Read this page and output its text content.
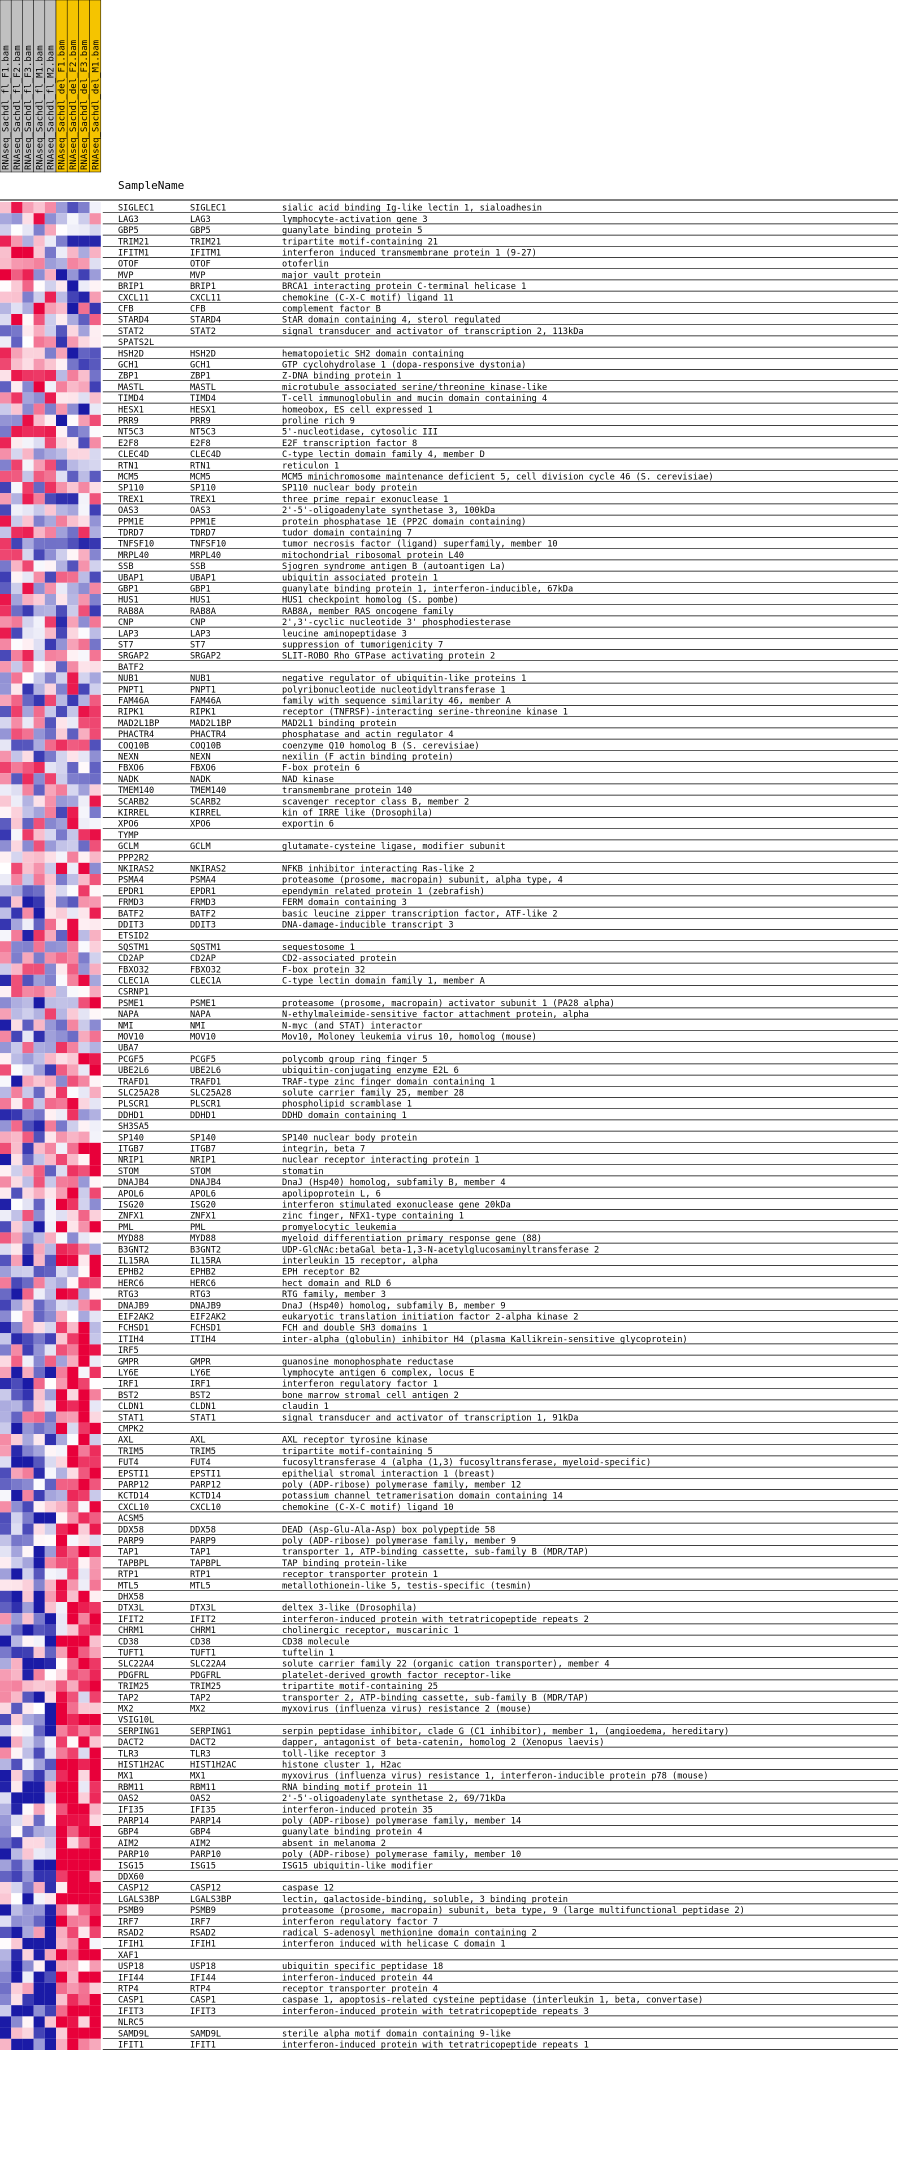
RNAseq_Sachdl_fl_F1.bam RNAseq_Sachdl_fl_F2.bam RNAseq_Sachdl_fl_F3.bam RNAseq_Sachdl_fl_M1.bam RNAseq_Sachdl_fl_M2.bam RNAseq_Sachdl_del_F1.bam RNAseq_Sachdl_del_F2.bam RNAseq_Sachdl_del_F3.bam RNAseq_Sachdl_del_M1.bam
SampleName
SIGLEC1	SIGLEC1	sialic acid binding Ig-like lectin 1, sialoadhesin
LAG3	LAG3	lymphocyte-activation gene 3
GBP5	GBP5	guanylate binding protein 5
TRIM21	TRIM21	tripartite motif-containing 21
IFITM1	IFITM1	interferon induced transmembrane protein 1 (9-27)
OTOF	OTOF	otoferlin
MVP	MVP	major vault protein
BRIP1	BRIP1	BRCA1 interacting protein C-terminal helicase 1
CXCL11	CXCL11	chemokine (C-X-C motif) ligand 11
CFB	CFB	complement factor B
STARD4	STARD4	StAR domain containing 4, sterol regulated
STAT2	STAT2	signal transducer and activator of transcription 2, 113kDa
SPATS2L
HSH2D	HSH2D	hematopoietic SH2 domain containing
GCH1	GCH1	GTP cyclohydrolase 1 (dopa-responsive dystonia)
ZBP1	ZBP1	Z-DNA binding protein 1
MASTL	MASTL	microtubule associated serine/threonine kinase-like
TIMD4	TIMD4	T-cell immunoglobulin and mucin domain containing 4
HESX1	HESX1	homeobox, ES cell expressed 1
PRR9	PRR9	proline rich 9
NT5C3	NT5C3	5'-nucleotidase, cytosolic III
E2F8	E2F8	E2F transcription factor 8
CLEC4D	CLEC4D	C-type lectin domain family 4, member D
RTN1	RTN1	reticulon 1
MCM5	MCM5	MCM5 minichromosome maintenance deficient 5, cell division cycle 46 (S. cerevisiae)
SP110	SP110	SP110 nuclear body protein
TREX1	TREX1	three prime repair exonuclease 1
OAS3	OAS3	2'-5'-oligoadenylate synthetase 3, 100kDa
PPM1E	PPM1E	protein phosphatase 1E (PP2C domain containing)
TDRD7	TDRD7	tudor domain containing 7
TNFSF10	TNFSF10	tumor necrosis factor (ligand) superfamily, member 10
MRPL40	MRPL40	mitochondrial ribosomal protein L40
SSB	SSB	Sjogren syndrome antigen B (autoantigen La)
UBAP1	UBAP1	ubiquitin associated protein 1
GBP1	GBP1	guanylate binding protein 1, interferon-inducible, 67kDa
HUS1	HUS1	HUS1 checkpoint homolog (S. pombe)
RAB8A	RAB8A	RAB8A, member RAS oncogene family
CNP	CNP	2',3'-cyclic nucleotide 3' phosphodiesterase
LAP3	LAP3	leucine aminopeptidase 3
ST7	ST7	suppression of tumorigenicity 7
SRGAP2	SRGAP2	SLIT-ROBO Rho GTPase activating protein 2
BATF2
NUB1	NUB1	negative regulator of ubiquitin-like proteins 1
PNPT1	PNPT1	polyribonucleotide nucleotidyltransferase 1
FAM46A	FAM46A	family with sequence similarity 46, member A
RIPK1	RIPK1	receptor (TNFRSF)-interacting serine-threonine kinase 1
MAD2L1BP	MAD2L1BP	MAD2L1 binding protein
PHACTR4	PHACTR4	phosphatase and actin regulator 4
COQ10B	COQ10B	coenzyme Q10 homolog B (S. cerevisiae)
NEXN	NEXN	nexilin (F actin binding protein)
FBXO6	FBXO6	F-box protein 6
NADK	NADK	NAD kinase
TMEM140	TMEM140	transmembrane protein 140
SCARB2	SCARB2	scavenger receptor class B, member 2
KIRREL	KIRREL	kin of IRRE like (Drosophila)
XPO6	XPO6	exportin 6
TYMP
GCLM	GCLM	glutamate-cysteine ligase, modifier subunit
PPP2R2
NKIRAS2	NKIRAS2	NFKB inhibitor interacting Ras-like 2
PSMA4	PSMA4	proteasome (prosome, macropain) subunit, alpha type, 4
EPDR1	EPDR1	ependymin related protein 1 (zebrafish)
FRMD3	FRMD3	FERM domain containing 3
BATF2	BATF2	basic leucine zipper transcription factor, ATF-like 2
DDIT3	DDIT3	DNA-damage-inducible transcript 3
ETSID2
SQSTM1	SQSTM1	sequestosome 1
CD2AP	CD2AP	CD2-associated protein
FBXO32	FBXO32	F-box protein 32
CLEC1A	CLEC1A	C-type lectin domain family 1, member A
CSRNP1
PSME1	PSME1	proteasome (prosome, macropain) activator subunit 1 (PA28 alpha)
NAPA	NAPA	N-ethylmaleimide-sensitive factor attachment protein, alpha
NMI	NMI	N-myc (and STAT) interactor
MOV10	MOV10	Mov10, Moloney leukemia virus 10, homolog (mouse)
UBA7
PCGF5	PCGF5	polycomb group ring finger 5
UBE2L6	UBE2L6	ubiquitin-conjugating enzyme E2L 6
TRAFD1	TRAFD1	TRAF-type zinc finger domain containing 1
SLC25A28	SLC25A28	solute carrier family 25, member 28
PLSCR1	PLSCR1	phospholipid scramblase 1
DDHD1	DDHD1	DDHD domain containing 1
SH3SA5
SP140	SP140	SP140 nuclear body protein
ITGB7	ITGB7	integrin, beta 7
NRIP1	NRIP1	nuclear receptor interacting protein 1
STOM	STOM	stomatin
DNAJB4	DNAJB4	DnaJ (Hsp40) homolog, subfamily B, member 4
APOL6	APOL6	apolipoprotein L, 6
ISG20	ISG20	interferon stimulated exonuclease gene 20kDa
ZNFX1	ZNFX1	zinc finger, NFX1-type containing 1
PML	PML	promyelocytic leukemia
MYD88	MYD88	myeloid differentiation primary response gene (88)
B3GNT2	B3GNT2	UDP-GlcNAc:betaGal beta-1,3-N-acetylglucosaminyltransferase 2
IL15RA	IL15RA	interleukin 15 receptor, alpha
EPHB2	EPHB2	EPH receptor B2
HERC6	HERC6	hect domain and RLD 6
RTG3	RTG3	RTG family, member 3
DNAJB9	DNAJB9	DnaJ (Hsp40) homolog, subfamily B, member 9
EIF2AK2	EIF2AK2	eukaryotic translation initiation factor 2-alpha kinase 2
FCHSD1	FCHSD1	FCH and double SH3 domains 1
ITIH4	ITIH4	inter-alpha (globulin) inhibitor H4 (plasma Kallikrein-sensitive glycoprotein)
IRF5
GMPR	GMPR	guanosine monophosphate reductase
LY6E	LY6E	lymphocyte antigen 6 complex, locus E
IRF1	IRF1	interferon regulatory factor 1
BST2	BST2	bone marrow stromal cell antigen 2
CLDN1	CLDN1	claudin 1
STAT1	STAT1	signal transducer and activator of transcription 1, 91kDa
CMPK2
AXL	AXL	AXL receptor tyrosine kinase
TRIM5	TRIM5	tripartite motif-containing 5
FUT4	FUT4	fucosyltransferase 4 (alpha (1,3) fucosyltransferase, myeloid-specific)
EPSTI1	EPSTI1	epithelial stromal interaction 1 (breast)
PARP12	PARP12	poly (ADP-ribose) polymerase family, member 12
KCTD14	KCTD14	potassium channel tetramerisation domain containing 14
CXCL10	CXCL10	chemokine (C-X-C motif) ligand 10
ACSM5
DDX58	DDX58	DEAD (Asp-Glu-Ala-Asp) box polypeptide 58
PARP9	PARP9	poly (ADP-ribose) polymerase family, member 9
TAP1	TAP1	transporter 1, ATP-binding cassette, sub-family B (MDR/TAP)
TAPBPL	TAPBPL	TAP binding protein-like
RTP1	RTP1	receptor transporter protein 1
MTL5	MTL5	metallothionein-like 5, testis-specific (tesmin)
DHX58
DTX3L	DTX3L	deltex 3-like (Drosophila)
IFIT2	IFIT2	interferon-induced protein with tetratricopeptide repeats 2
CHRM1	CHRM1	cholinergic receptor, muscarinic 1
CD38	CD38	CD38 molecule
TUFT1	TUFT1	tuftelin 1
SLC22A4	SLC22A4	solute carrier family 22 (organic cation transporter), member 4
PDGFRL	PDGFRL	platelet-derived growth factor receptor-like
TRIM25	TRIM25	tripartite motif-containing 25
TAP2	TAP2	transporter 2, ATP-binding cassette, sub-family B (MDR/TAP)
MX2	MX2	myxovirus (influenza virus) resistance 2 (mouse)
VSIG10L
SERPING1	SERPING1	serpin peptidase inhibitor, clade G (C1 inhibitor), member 1, (angioedema, hereditary)
DACT2	DACT2	dapper, antagonist of beta-catenin, homolog 2 (Xenopus laevis)
TLR3	TLR3	toll-like receptor 3
HIST1H2AC	HIST1H2AC	histone cluster 1, H2ac
MX1	MX1	myxovirus (influenza virus) resistance 1, interferon-inducible protein p78 (mouse)
RBM11	RBM11	RNA binding motif protein 11
OAS2	OAS2	2'-5'-oligoadenylate synthetase 2, 69/71kDa
IFI35	IFI35	interferon-induced protein 35
PARP14	PARP14	poly (ADP-ribose) polymerase family, member 14
GBP4	GBP4	guanylate binding protein 4
AIM2	AIM2	absent in melanoma 2
PARP10	PARP10	poly (ADP-ribose) polymerase family, member 10
ISG15	ISG15	ISG15 ubiquitin-like modifier
DDX60
CASP12	CASP12	caspase 12
LGALS3BP	LGALS3BP	lectin, galactoside-binding, soluble, 3 binding protein
PSMB9	PSMB9	proteasome (prosome, macropain) subunit, beta type, 9 (large multifunctional peptidase 2)
IRF7	IRF7	interferon regulatory factor 7
RSAD2	RSAD2	radical S-adenosyl methionine domain containing 2
IFIH1	IFIH1	interferon induced with helicase C domain 1
XAF1
USP18	USP18	ubiquitin specific peptidase 18
IFI44	IFI44	interferon-induced protein 44
RTP4	RTP4	receptor transporter protein 4
CASP1	CASP1	caspase 1, apoptosis-related cysteine peptidase (interleukin 1, beta, convertase)
IFIT3	IFIT3	interferon-induced protein with tetratricopeptide repeats 3
NLRC5
SAMD9L	SAMD9L	sterile alpha motif domain containing 9-like
IFIT1	IFIT1	interferon-induced protein with tetratricopeptide repeats 1
